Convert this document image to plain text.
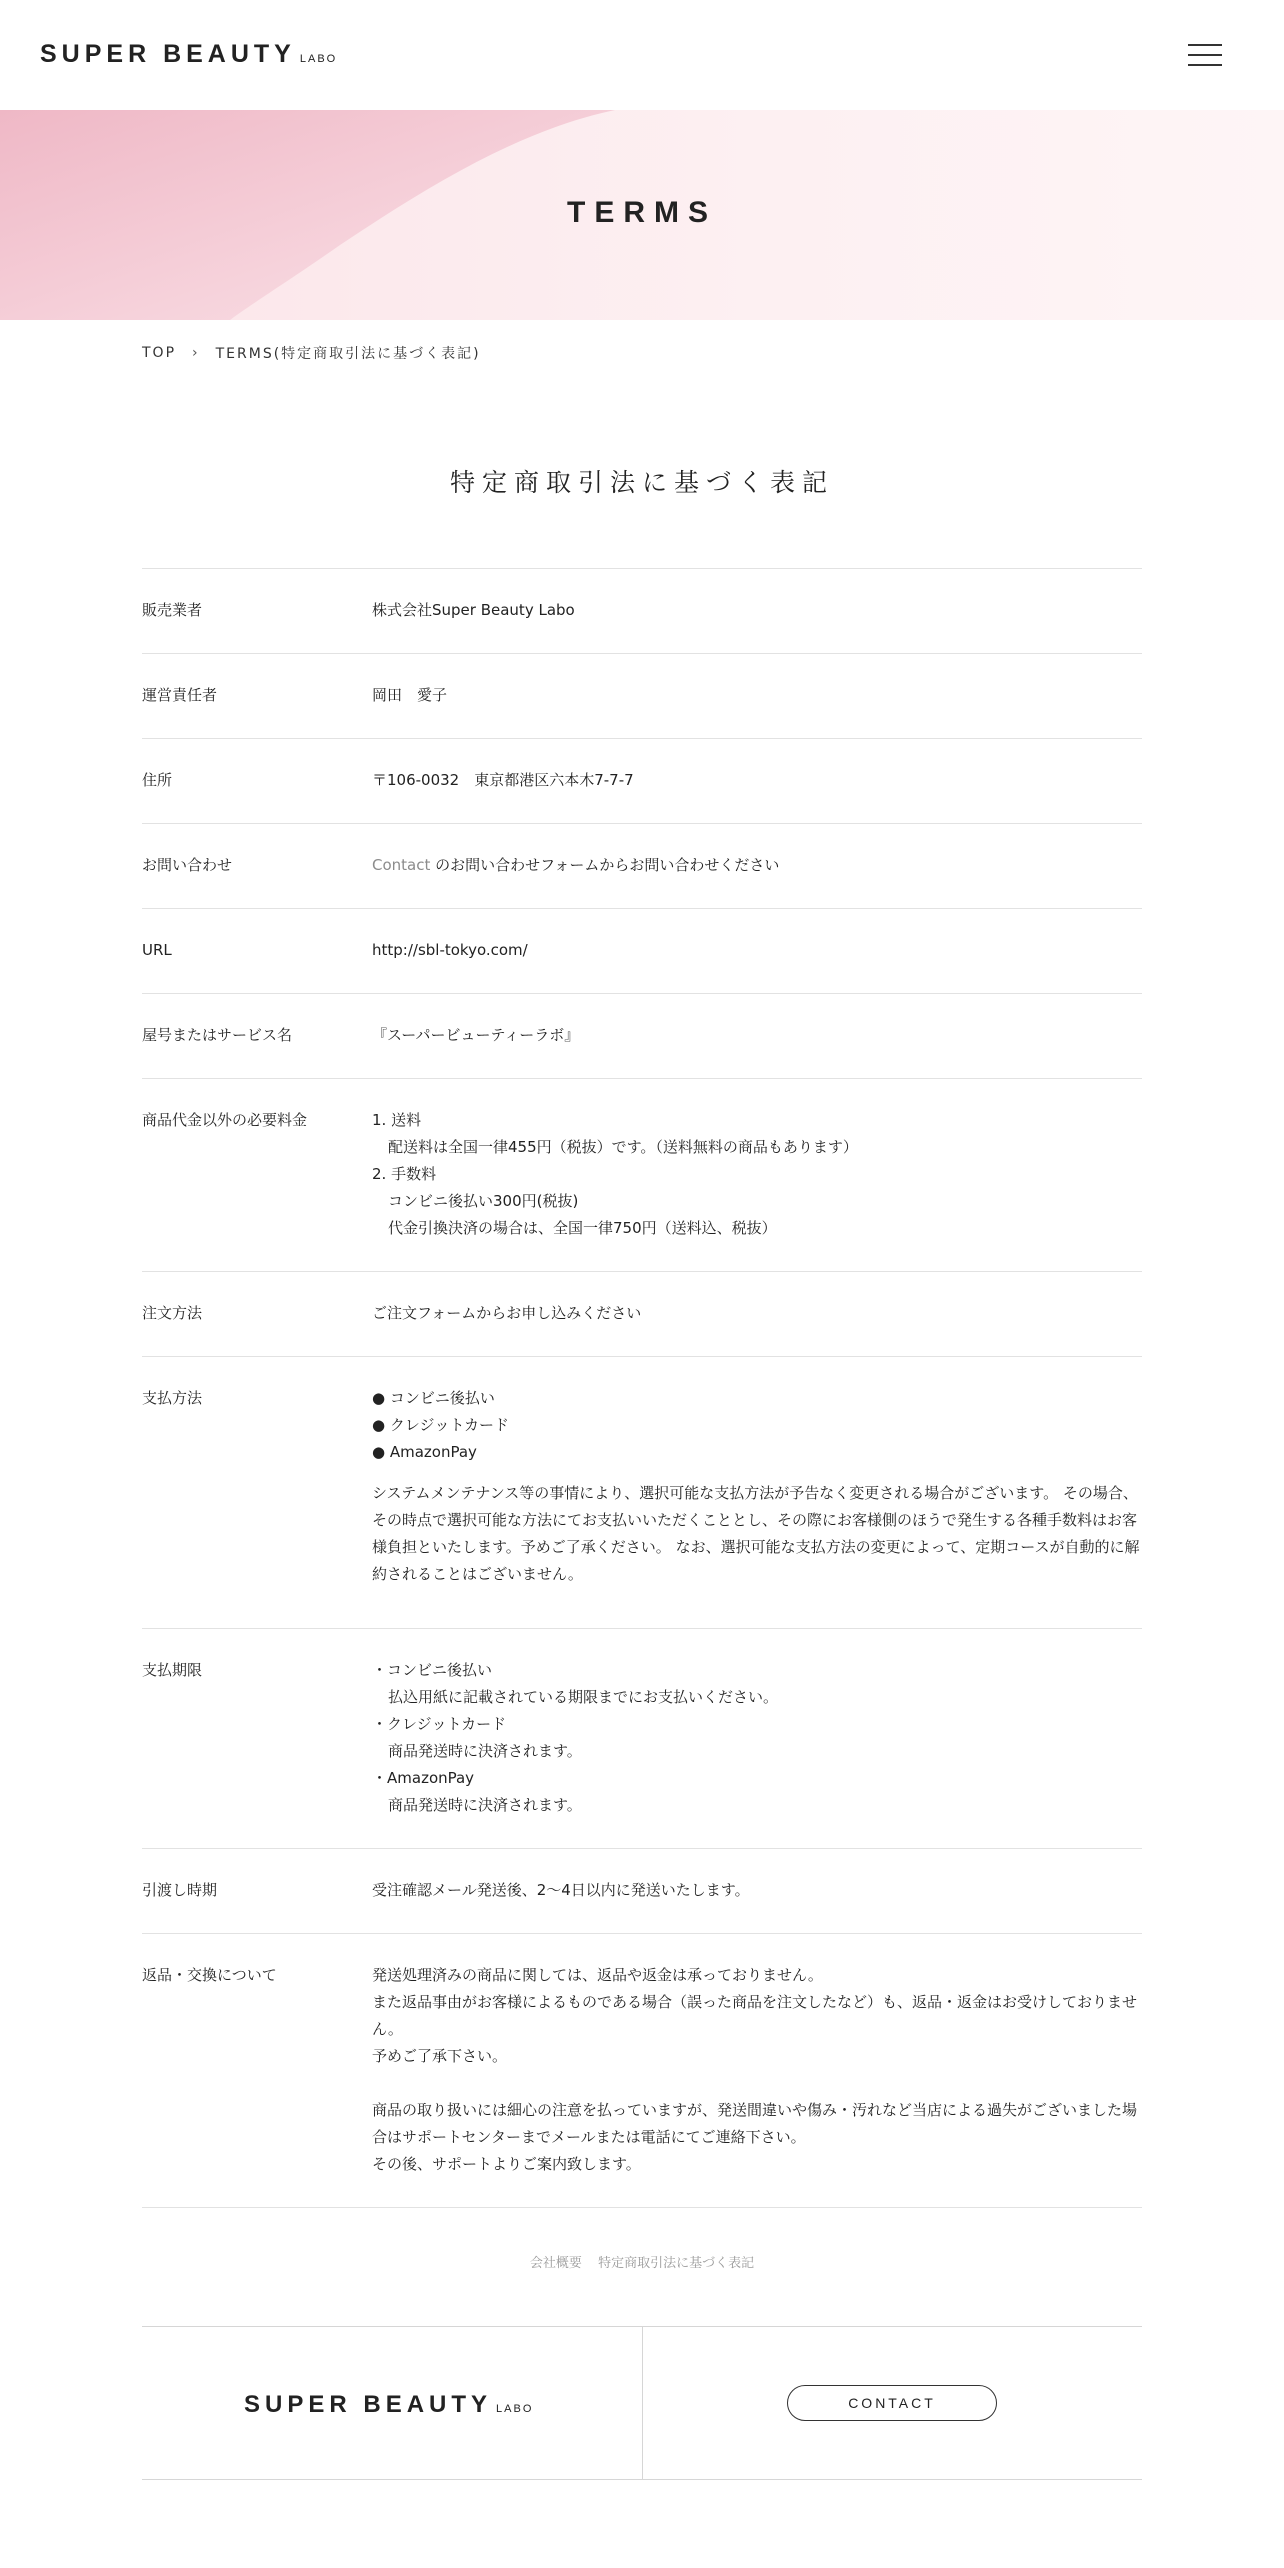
SUPER BEAUTY LABO
TERMS
TOP › TERMS(特定商取引法に基づく表記)
特定商取引法に基づく表記
販売業者	株式会社Super Beauty Labo
運営責任者	岡田　愛子
住所	〒106-0032　東京都港区六本木7-7-7
お問い合わせ	Contact のお問い合わせフォームからお問い合わせください
URL	http://sbl-tokyo.com/
屋号またはサービス名	『スーパービューティーラボ』
商品代金以外の必要料金	1. 送料

配送料は全国一律455円（税抜）です。（送料無料の商品もあります）

2. 手数料

コンビニ後払い300円(税抜)

代金引換決済の場合は、全国一律750円（送料込、税抜）

注文方法	ご注文フォームからお申し込みください
支払方法	● コンビニ後払い

● クレジットカード

● AmazonPay

システムメンテナンス等の事情により、選択可能な支払方法が予告なく変更される場合がございます。 その場合、その時点で選択可能な方法にてお支払いいただくこととし、その際にお客様側のほうで発生する各種手数料はお客様負担といたします。予めご了承ください。 なお、選択可能な支払方法の変更によって、定期コースが自動的に解約されることはございません。

支払期限	・コンビニ後払い

払込用紙に記載されている期限までにお支払いください。

・クレジットカード

商品発送時に決済されます。

・AmazonPay

商品発送時に決済されます。

引渡し時期	受注確認メール発送後、2～4日以内に発送いたします。
返品・交換について	発送処理済みの商品に関しては、返品や返金は承っておりません。

また返品事由がお客様によるものである場合（誤った商品を注文したなど）も、返品・返金はお受けしておりません。

予めご了承下さい。

商品の取り扱いには細心の注意を払っていますが、発送間違いや傷み・汚れなど当店による過失がございました場合はサポートセンターまでメールまたは電話にてご連絡下さい。

その後、サポートよりご案内致します。

会社概要 特定商取引法に基づく表記
SUPER BEAUTY LABO	CONTACT
